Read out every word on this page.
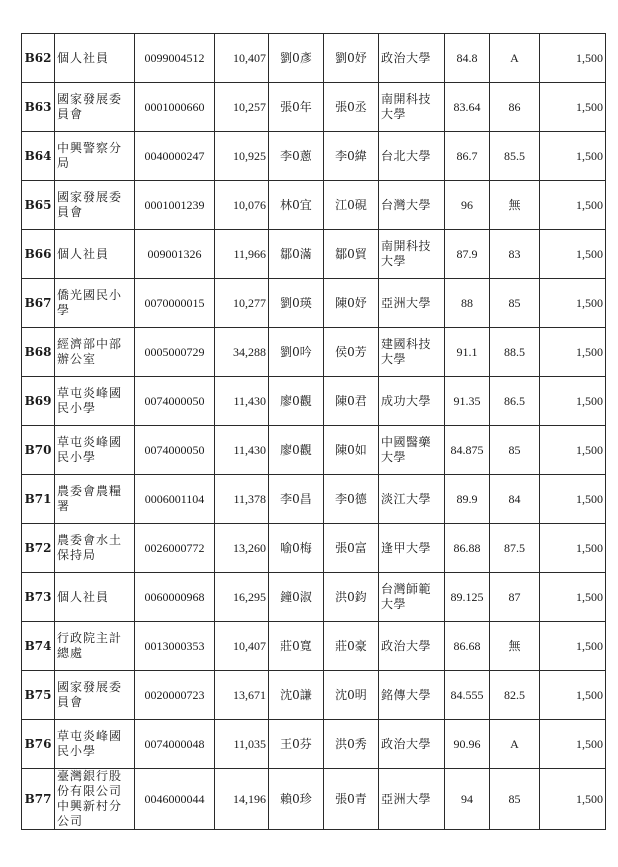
B62	個人社員	0099004512	10,407	劉0彥	劉0妤	政治大學	84.8	A	1,500
B63	國家發展委員會	0001000660	10,257	張0年	張0丞	南開科技大學	83.64	86	1,500
B64	中興警察分局	0040000247	10,925	李0蔥	李0緯	台北大學	86.7	85.5	1,500
B65	國家發展委員會	0001001239	10,076	林0宜	江0硯	台灣大學	96	無	1,500
B66	個人社員	009001326	11,966	鄒0滿	鄒0貿	南開科技大學	87.9	83	1,500
B67	僑光國民小學	0070000015	10,277	劉0瑛	陳0妤	亞洲大學	88	85	1,500
B68	經濟部中部辦公室	0005000729	34,288	劉0吟	侯0芳	建國科技大學	91.1	88.5	1,500
B69	草屯炎峰國民小學	0074000050	11,430	廖0觀	陳0君	成功大學	91.35	86.5	1,500
B70	草屯炎峰國民小學	0074000050	11,430	廖0觀	陳0如	中國醫藥大學	84.875	85	1,500
B71	農委會農糧署	0006001104	11,378	李0昌	李0德	淡江大學	89.9	84	1,500
B72	農委會水土保持局	0026000772	13,260	喻0梅	張0富	逢甲大學	86.88	87.5	1,500
B73	個人社員	0060000968	16,295	鐘0淑	洪0鈞	台灣師範大學	89.125	87	1,500
B74	行政院主計總處	0013000353	10,407	莊0寬	莊0豪	政治大學	86.68	無	1,500
B75	國家發展委員會	0020000723	13,671	沈0謙	沈0明	銘傳大學	84.555	82.5	1,500
B76	草屯炎峰國民小學	0074000048	11,035	王0芬	洪0秀	政治大學	90.96	A	1,500
B77	臺灣銀行股份有限公司中興新村分公司	0046000044	14,196	賴0珍	張0青	亞洲大學	94	85	1,500
